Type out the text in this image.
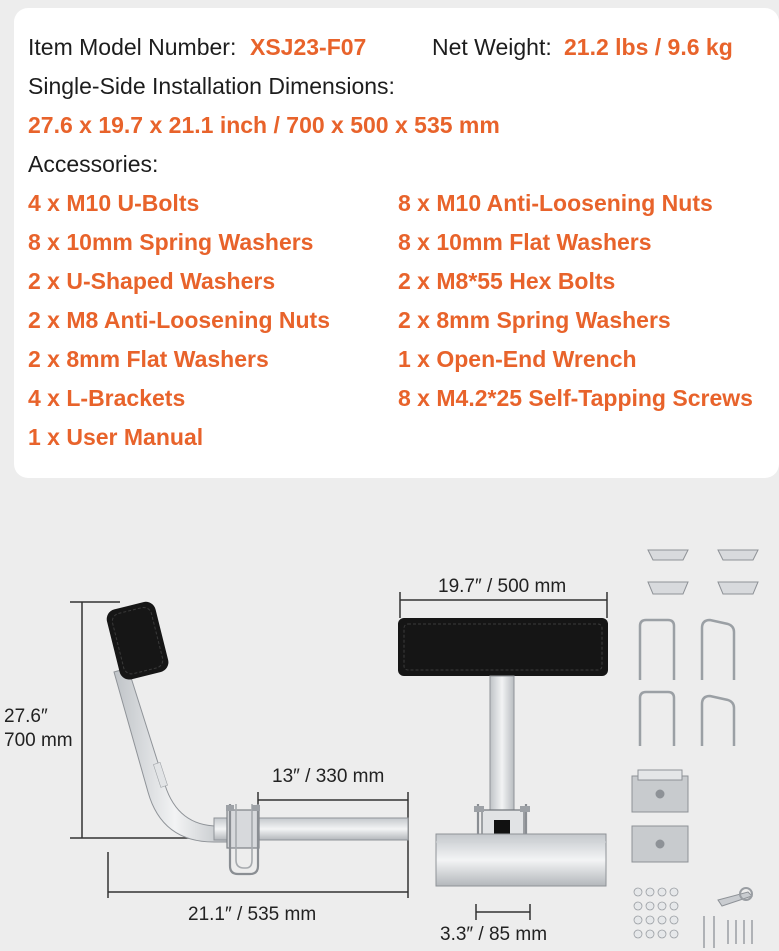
Item Model Number: XSJ23-F07	Net Weight: 21.2 lbs / 9.6 kg
Single-Side Installation Dimensions:
27.6 x 19.7 x 21.1 inch / 700 x 500 x 535 mm
Accessories:
4 x M10 U-Bolts	8 x M10 Anti-Loosening Nuts
8 x 10mm Spring Washers	8 x 10mm Flat Washers
2 x U-Shaped Washers	2 x M8*55 Hex Bolts
2 x M8 Anti-Loosening Nuts	2 x 8mm Spring Washers
2 x 8mm Flat Washers	1 x Open-End Wrench
4 x L-Brackets	8 x M4.2*25 Self-Tapping Screws
1 x User Manual
27.6″
700 mm
13″ / 330 mm
21.1″ / 535 mm
19.7″ / 500 mm
3.3″ / 85 mm
